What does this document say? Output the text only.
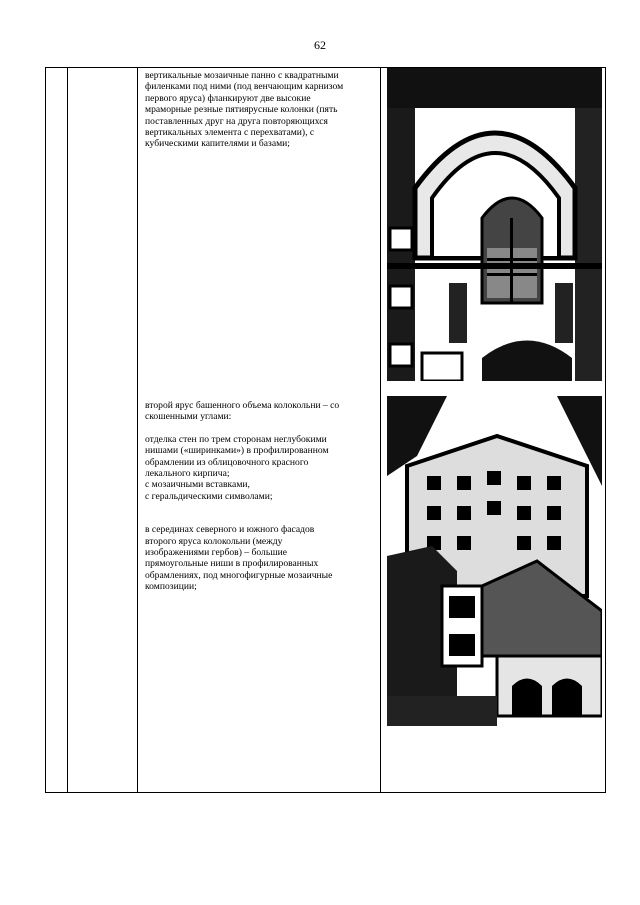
62

вертикальные мозаичные панно с квадратными
филенками под ними (под венчающим карнизом
первого яруса) фланкируют две высокие
мраморные резные пятиярусные колонки (пять
поставленных друг на друга повторяющихся
вертикальных элемента с перехватами), с
кубическими капителями и базами;

второй ярус башенного объема колокольни – со
скошенными углами:

отделка стен по трем сторонам неглубокими
нишами («ширинками») в профилированном
обрамлении из облицовочного красного
лекального кирпича;
с мозаичными вставками,
с геральдическими символами;

в серединах северного и южного фасадов
второго яруса колокольни (между
изображениями гербов) – большие
прямоугольные ниши в профилированных
обрамлениях, под многофигурные мозаичные
композиции;
